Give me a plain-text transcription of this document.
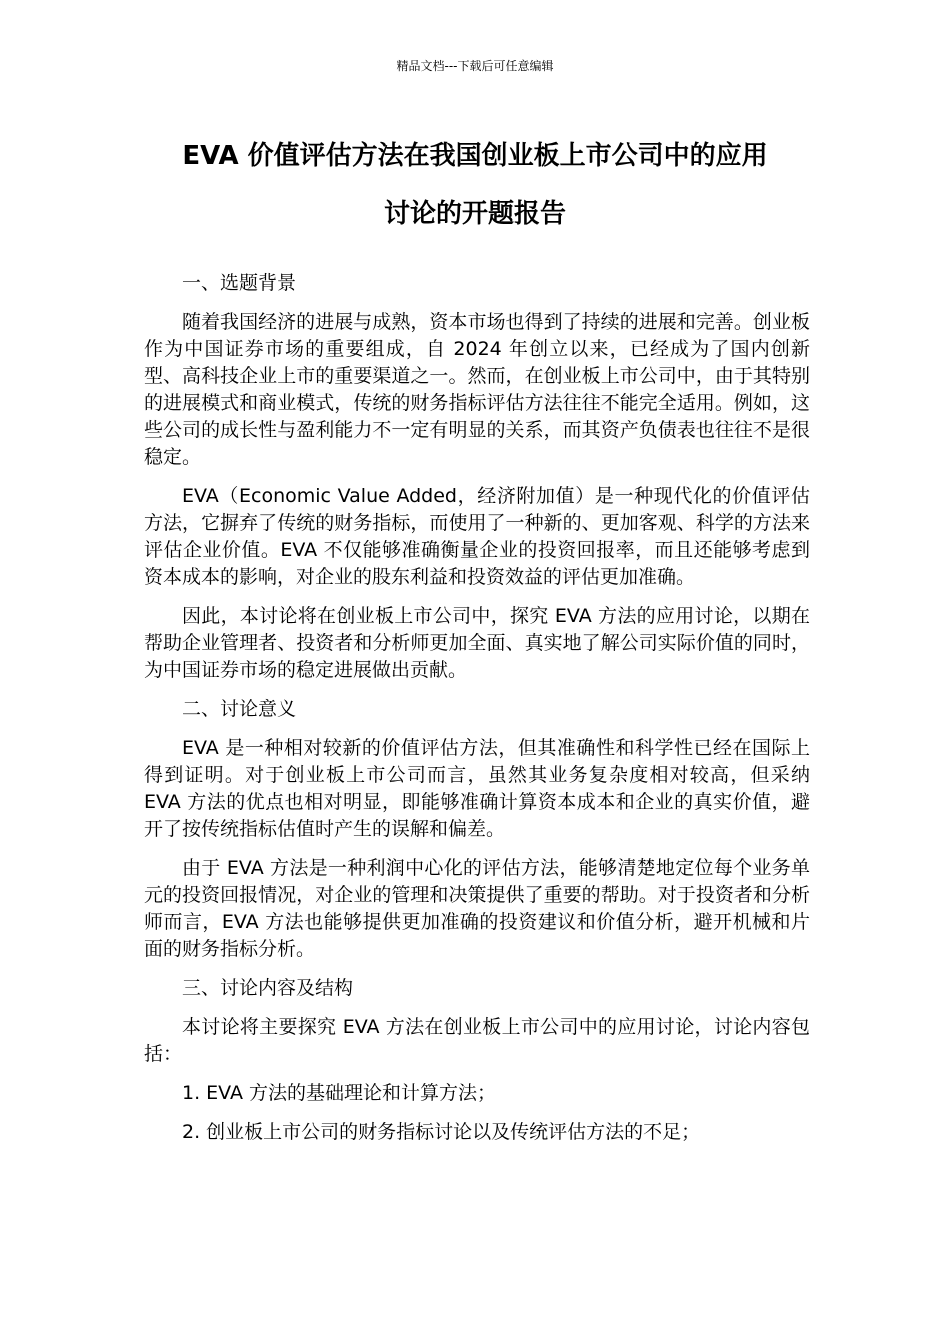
精品文档---下载后可任意编辑
EVA 价值评估方法在我国创业板上市公司中的应用
讨论的开题报告

一、选题背景

随着我国经济的进展与成熟，资本市场也得到了持续的进展和完善。创业板作为中国证券市场的重要组成，自 2024 年创立以来，已经成为了国内创新型、高科技企业上市的重要渠道之一。然而，在创业板上市公司中，由于其特别的进展模式和商业模式，传统的财务指标评估方法往往不能完全适用。例如，这些公司的成长性与盈利能力不一定有明显的关系，而其资产负债表也往往不是很稳定。

EVA（Economic Value Added，经济附加值）是一种现代化的价值评估方法，它摒弃了传统的财务指标，而使用了一种新的、更加客观、科学的方法来评估企业价值。EVA 不仅能够准确衡量企业的投资回报率，而且还能够考虑到资本成本的影响，对企业的股东利益和投资效益的评估更加准确。

因此，本讨论将在创业板上市公司中，探究 EVA 方法的应用讨论，以期在帮助企业管理者、投资者和分析师更加全面、真实地了解公司实际价值的同时，为中国证券市场的稳定进展做出贡献。

二、讨论意义

EVA 是一种相对较新的价值评估方法，但其准确性和科学性已经在国际上得到证明。对于创业板上市公司而言，虽然其业务复杂度相对较高，但采纳 EVA 方法的优点也相对明显，即能够准确计算资本成本和企业的真实价值，避开了按传统指标估值时产生的误解和偏差。

由于 EVA 方法是一种利润中心化的评估方法，能够清楚地定位每个业务单元的投资回报情况，对企业的管理和决策提供了重要的帮助。对于投资者和分析师而言，EVA 方法也能够提供更加准确的投资建议和价值分析，避开机械和片面的财务指标分析。

三、讨论内容及结构

本讨论将主要探究 EVA 方法在创业板上市公司中的应用讨论，讨论内容包括：

1. EVA 方法的基础理论和计算方法；

2. 创业板上市公司的财务指标讨论以及传统评估方法的不足；
